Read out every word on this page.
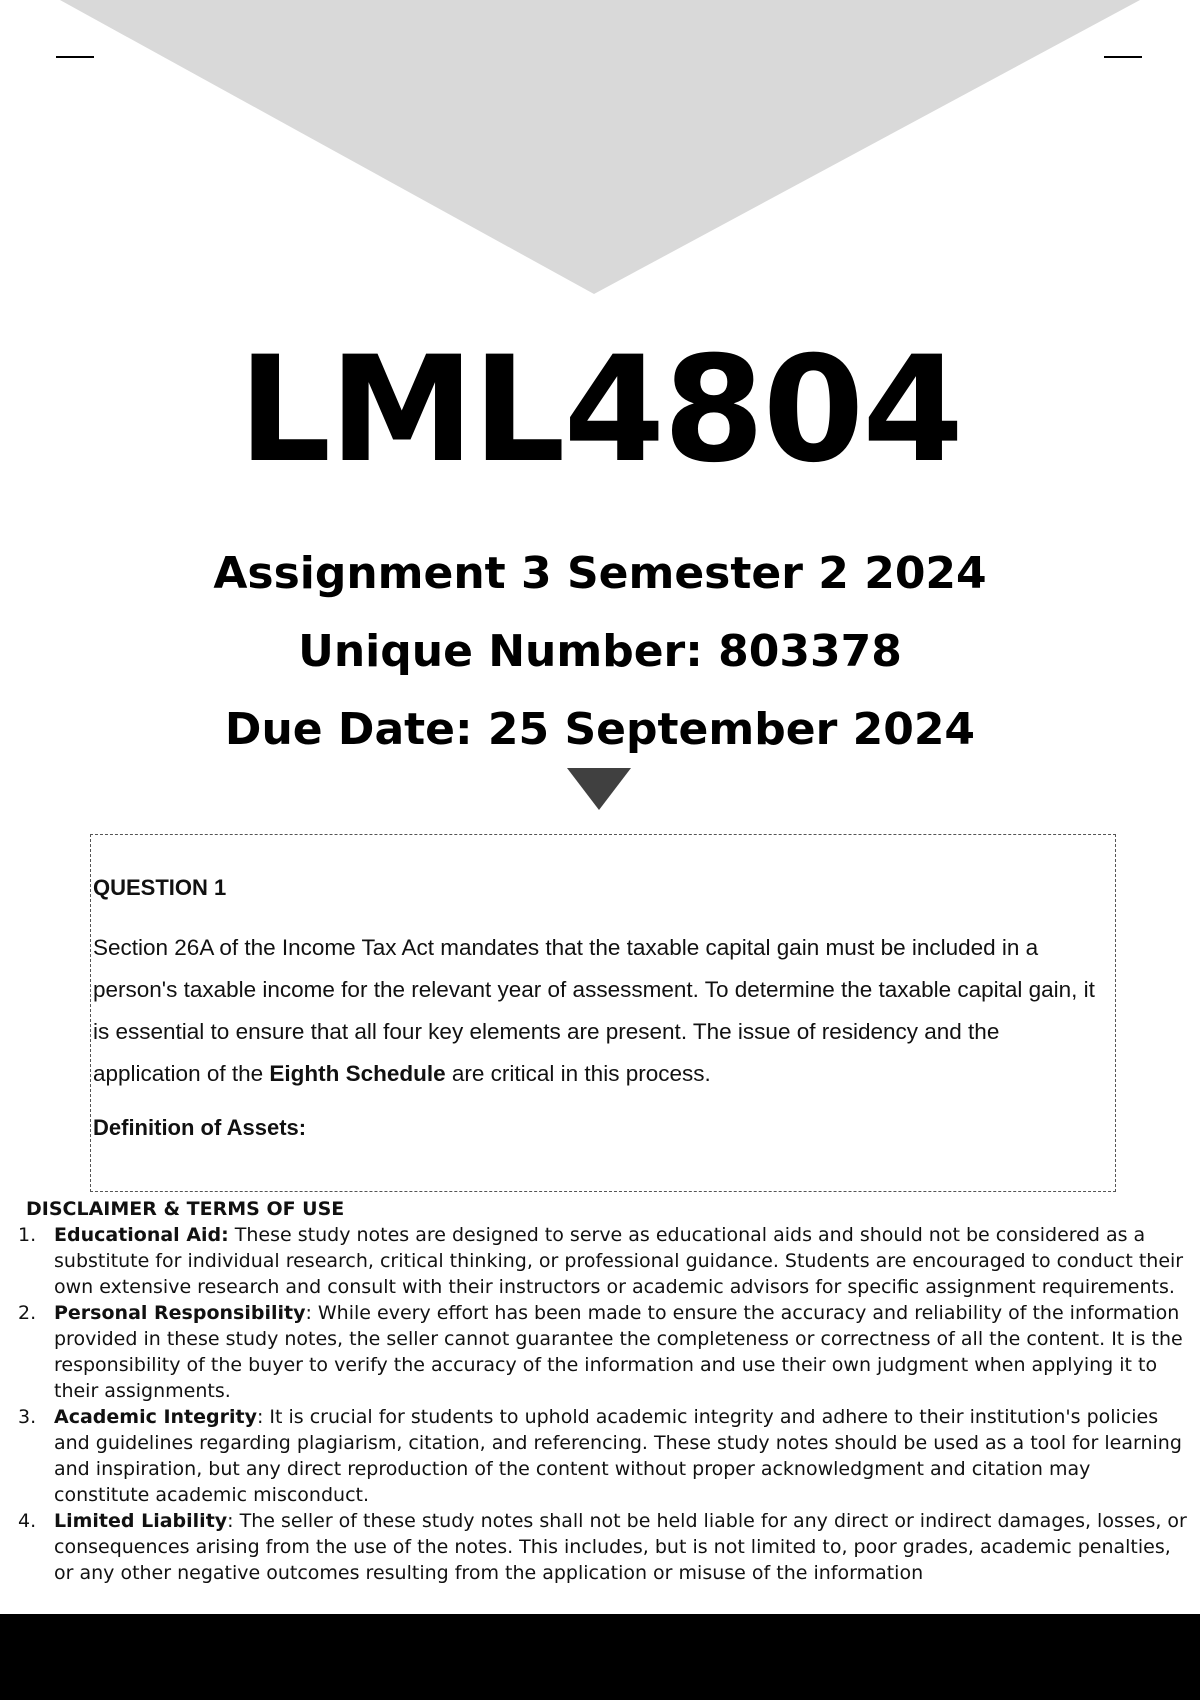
LML4804
Assignment 3 Semester 2 2024
Unique Number: 803378
Due Date: 25 September 2024
QUESTION 1

Section 26A of the Income Tax Act mandates that the taxable capital gain must be included in a person's taxable income for the relevant year of assessment. To determine the taxable capital gain, it is essential to ensure that all four key elements are present. The issue of residency and the application of the Eighth Schedule are critical in this process.

Definition of Assets:
DISCLAIMER & TERMS OF USE
1. Educational Aid: These study notes are designed to serve as educational aids and should not be considered as a substitute for individual research, critical thinking, or professional guidance. Students are encouraged to conduct their own extensive research and consult with their instructors or academic advisors for specific assignment requirements.
2. Personal Responsibility: While every effort has been made to ensure the accuracy and reliability of the information provided in these study notes, the seller cannot guarantee the completeness or correctness of all the content. It is the responsibility of the buyer to verify the accuracy of the information and use their own judgment when applying it to their assignments.
3. Academic Integrity: It is crucial for students to uphold academic integrity and adhere to their institution's policies and guidelines regarding plagiarism, citation, and referencing. These study notes should be used as a tool for learning and inspiration, but any direct reproduction of the content without proper acknowledgment and citation may constitute academic misconduct.
4. Limited Liability: The seller of these study notes shall not be held liable for any direct or indirect damages, losses, or consequences arising from the use of the notes. This includes, but is not limited to, poor grades, academic penalties, or any other negative outcomes resulting from the application or misuse of the information
